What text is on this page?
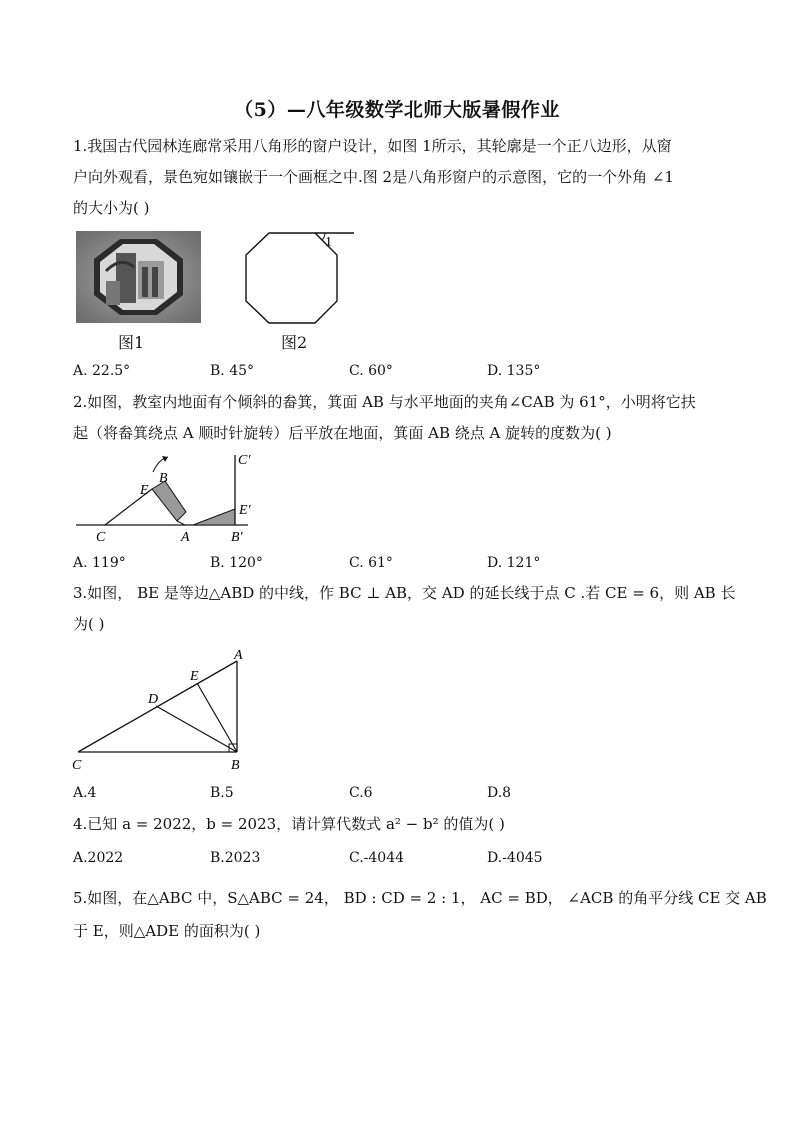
（5）—八年级数学北师大版暑假作业
1.我国古代园林连廊常采用八角形的窗户设计，如图 1所示，其轮廓是一个正八边形，从窗
户向外观看，景色宛如镶嵌于一个画框之中.图 2是八角形窗户的示意图，它的一个外角 ∠1
的大小为( )
图1
1
图2
A. 22.5°	B. 45°	C. 60°	D. 135°
2.如图，教室内地面有个倾斜的畚箕，箕面 AB 与水平地面的夹角∠CAB 为 61°，小明将它扶
起（将畚箕绕点 A 顺时针旋转）后平放在地面，箕面 AB 绕点 A 旋转的度数为( )
C	A
E
B
C′
E′
B′
A. 119°	B. 120°	C. 61°	D. 121°
3.如图， BE 是等边△ABD 的中线，作 BC ⊥ AB，交 AD 的延长线于点 C .若 CE = 6，则 AB 长
为( )
A
B
C
D
E
A.4	B.5	C.6	D.8
4.已知 a = 2022，b = 2023，请计算代数式 a² − b² 的值为( )
A.2022	B.2023	C.-4044	D.-4045
5.如图，在△ABC 中，S△ABC = 24， BD : CD = 2 : 1， AC = BD， ∠ACB 的角平分线 CE 交 AB
于 E，则△ADE 的面积为( )
